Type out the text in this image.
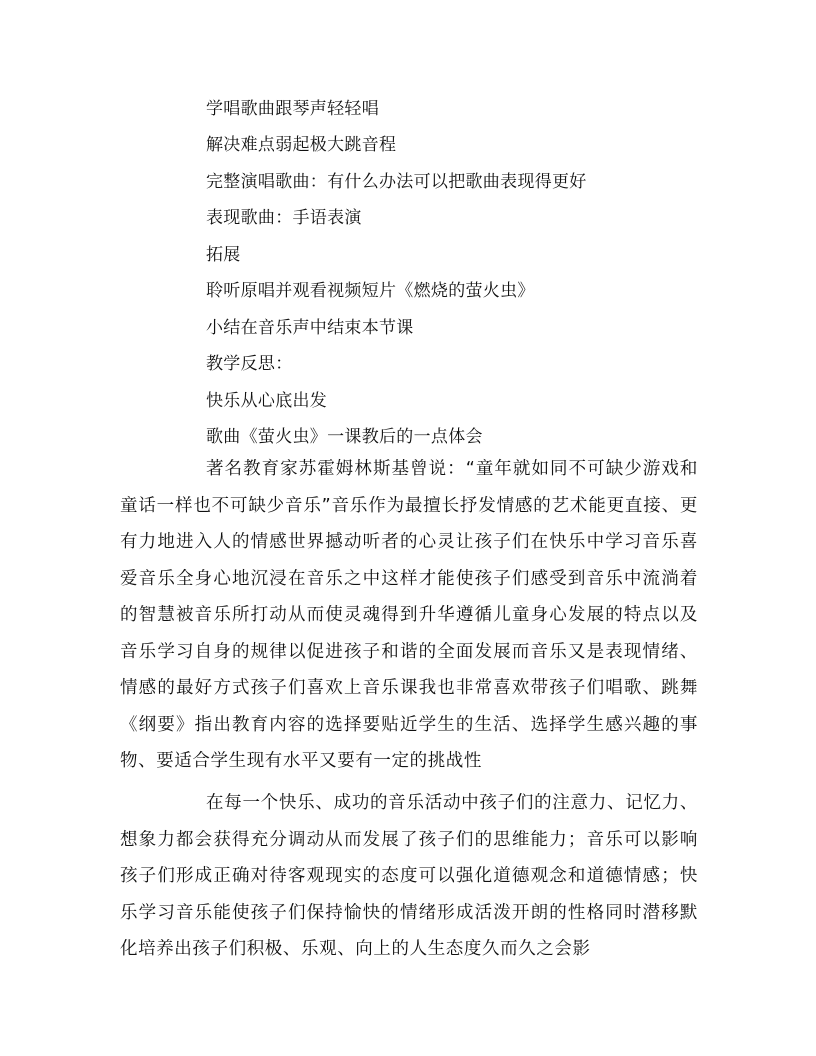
学唱歌曲跟琴声轻轻唱
解决难点弱起极大跳音程
完整演唱歌曲：有什么办法可以把歌曲表现得更好
表现歌曲：手语表演
拓展
聆听原唱并观看视频短片《燃烧的萤火虫》
小结在音乐声中结束本节课
教学反思：
快乐从心底出发
歌曲《萤火虫》一课教后的一点体会
著名教育家苏霍姆林斯基曾说：“童年就如同不可缺少游戏和童话一样也不可缺少音乐”音乐作为最擅长抒发情感的艺术能更直接、更有力地进入人的情感世界撼动听者的心灵让孩子们在快乐中学习音乐喜爱音乐全身心地沉浸在音乐之中这样才能使孩子们感受到音乐中流淌着的智慧被音乐所打动从而使灵魂得到升华遵循儿童身心发展的特点以及音乐学习自身的规律以促进孩子和谐的全面发展而音乐又是表现情绪、情感的最好方式孩子们喜欢上音乐课我也非常喜欢带孩子们唱歌、跳舞《纲要》指出教育内容的选择要贴近学生的生活、选择学生感兴趣的事物、要适合学生现有水平又要有一定的挑战性
在每一个快乐、成功的音乐活动中孩子们的注意力、记忆力、想象力都会获得充分调动从而发展了孩子们的思维能力；音乐可以影响孩子们形成正确对待客观现实的态度可以强化道德观念和道德情感；快乐学习音乐能使孩子们保持愉快的情绪形成活泼开朗的性格同时潜移默化培养出孩子们积极、乐观、向上的人生态度久而久之会影
